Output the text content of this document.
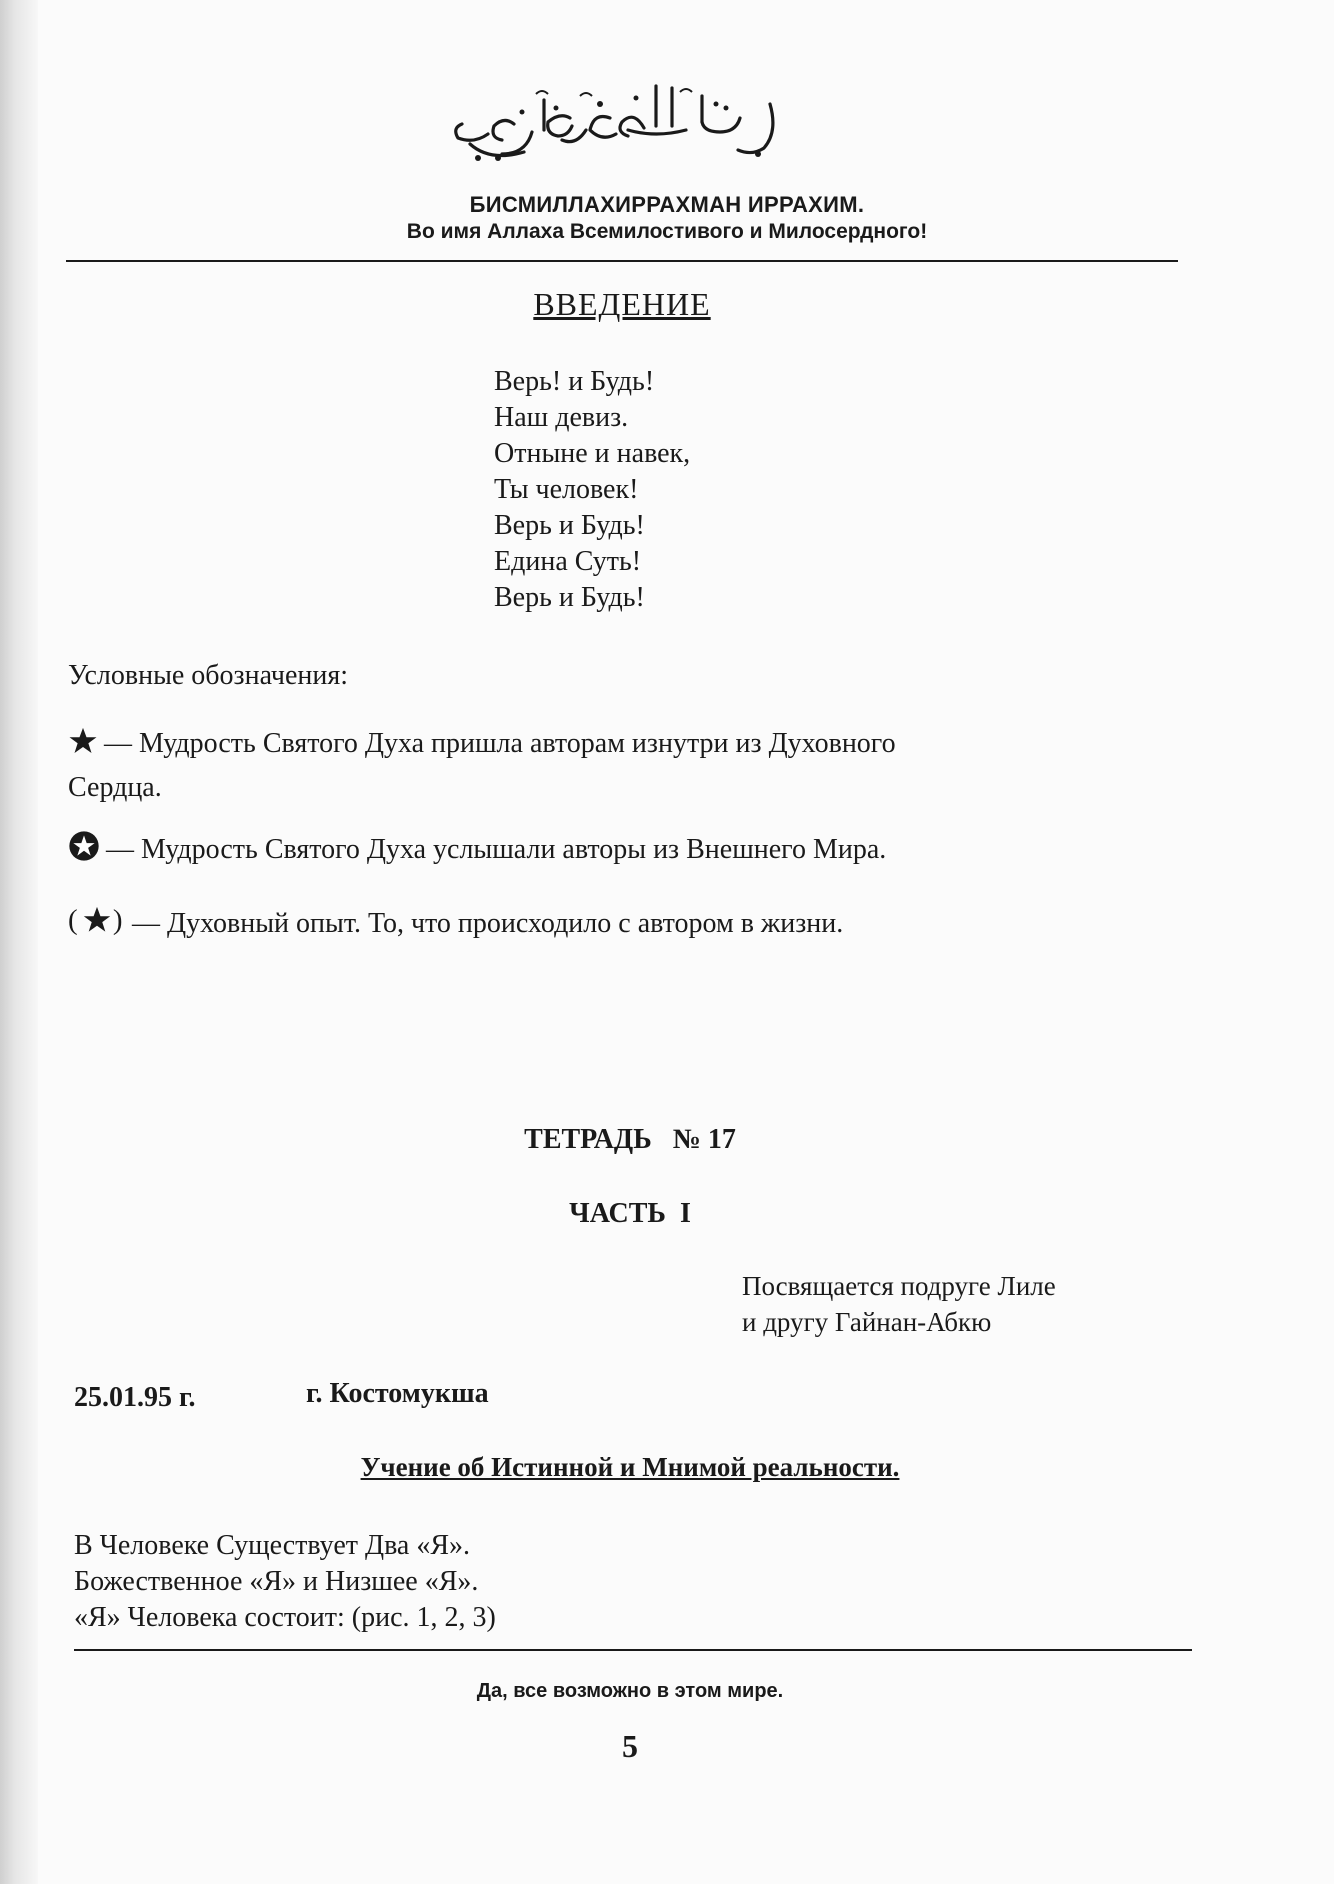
БИСМИЛЛАХИРРАХМАН ИРРАХИМ.
Во имя Аллаха Всемилостивого и Милосердного!
ВВЕДЕНИЕ
Верь! и Будь!
Наш девиз.
Отныне и навек,
Ты человек!
Верь и Будь!
Едина Суть!
Верь и Будь!
Условные обозначения:
— Мудрость Святого Духа пришла авторам изнутри из Духовного Сердца.
— Мудрость Святого Духа услышали авторы из Внешнего Мира.
( ) — Духовный опыт. То, что происходило с автором в жизни.
ТЕТРАДЬ   № 17
ЧАСТЬ  I
Посвящается подруге Лиле
и другу Гайнан-Абкю
25.01.95 г.	г. Костомукша
Учение об Истинной и Мнимой реальности.
В Человеке Существует Два «Я».
Божественное «Я» и Низшее «Я».
«Я» Человека состоит: (рис. 1, 2, 3)
Да, все возможно в этом мире.
5
